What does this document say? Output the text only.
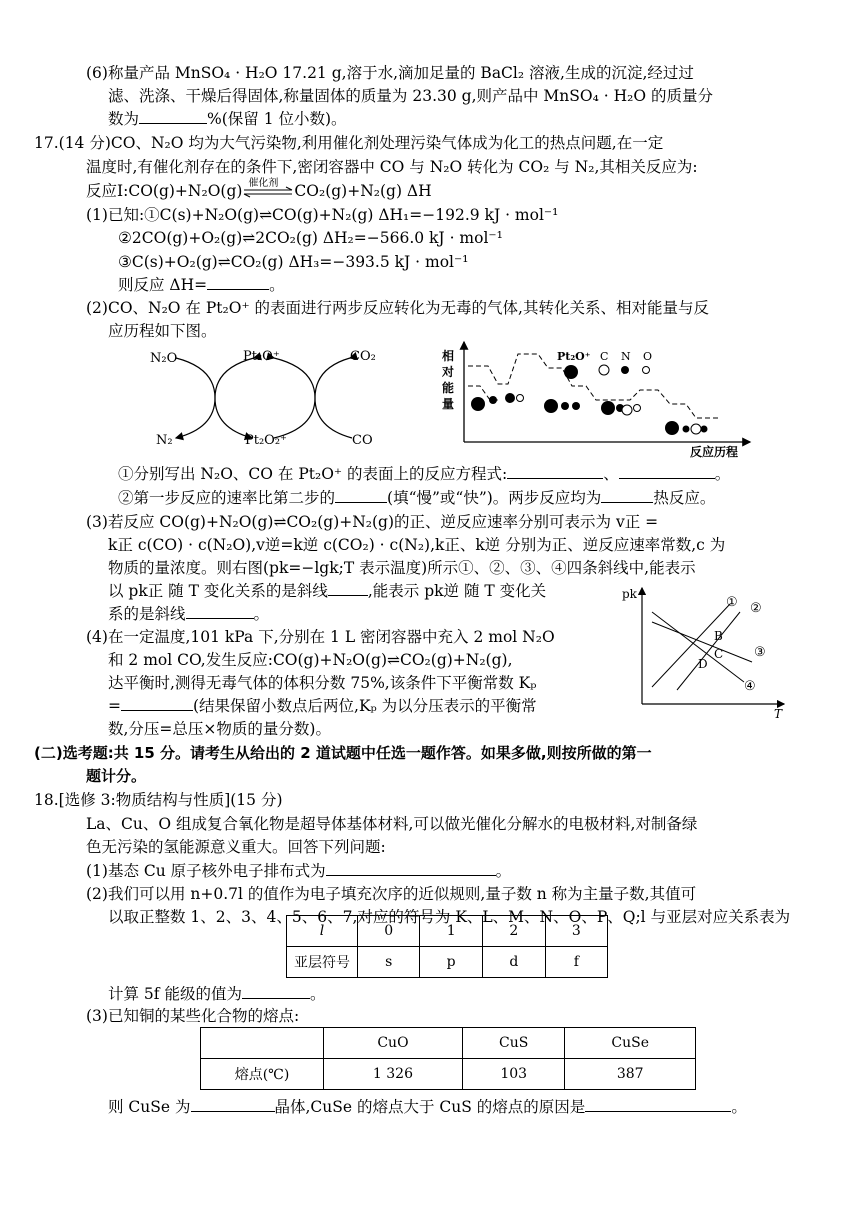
(6)称量产品 MnSO₄ · H₂O 17.21 g,溶于水,滴加足量的 BaCl₂ 溶液,生成的沉淀,经过过
滤、洗涤、干燥后得固体,称量固体的质量为 23.30 g,则产品中 MnSO₄ · H₂O 的质量分
数为	%(保留 1 位小数)。
17.(14 分)CO、N₂O 均为大气污染物,利用催化剂处理污染气体成为化工的热点问题,在一定
温度时,有催化剂存在的条件下,密闭容器中 CO 与 N₂O 转化为 CO₂ 与 N₂,其相关反应为:
反应Ⅰ:CO(g)+N₂O(g) 催化剂 CO₂(g)+N₂(g) ΔH
(1)已知:①C(s)+N₂O(g)⇌CO(g)+N₂(g) ΔH₁=−192.9 kJ · mol⁻¹
②2CO(g)+O₂(g)⇌2CO₂(g) ΔH₂=−566.0 kJ · mol⁻¹
③C(s)+O₂(g)⇌CO₂(g) ΔH₃=−393.5 kJ · mol⁻¹
则反应 ΔH=	。
(2)CO、N₂O 在 Pt₂O⁺ 的表面进行两步反应转化为无毒的气体,其转化关系、相对能量与反
应历程如下图。
N₂O	Pt₂O⁺	CO₂
N₂	Pt₂O₂⁺	CO
相
对
能
量
反应历程
Pt₂O⁺ C N O
①分别写出 N₂O、CO 在 Pt₂O⁺ 的表面上的反应方程式:	、	。
②第一步反应的速率比第二步的	(填“慢”或“快”)。两步反应均为	热反应。
(3)若反应 CO(g)+N₂O(g)⇌CO₂(g)+N₂(g)的正、逆反应速率分别可表示为 v正 =
k正 c(CO) · c(N₂O),v逆=k逆 c(CO₂) · c(N₂),k正、k逆 分别为正、逆反应速率常数,c 为
物质的量浓度。则右图(pk=−lgk;T 表示温度)所示①、②、③、④四条斜线中,能表示
以 pk正 随 T 变化关系的是斜线	,能表示 pk逆 随 T 变化关
系的是斜线	。
pk
T
① ②
③
④
B
C
D
(4)在一定温度,101 kPa 下,分别在 1 L 密闭容器中充入 2 mol N₂O
和 2 mol CO,发生反应:CO(g)+N₂O(g)⇌CO₂(g)+N₂(g),
达平衡时,测得无毒气体的体积分数 75%,该条件下平衡常数 Kₚ
=	(结果保留小数点后两位,Kₚ 为以分压表示的平衡常
数,分压=总压×物质的量分数)。
(二)选考题:共 15 分。请考生从给出的 2 道试题中任选一题作答。如果多做,则按所做的第一
题计分。
18.[选修 3:物质结构与性质](15 分)
La、Cu、O 组成复合氧化物是超导体基体材料,可以做光催化分解水的电极材料,对制备绿
色无污染的氢能源意义重大。回答下列问题:
(1)基态 Cu 原子核外电子排布式为	。
(2)我们可以用 n+0.7l 的值作为电子填充次序的近似规则,量子数 n 称为主量子数,其值可
以取正整数 1、2、3、4、5、6、7,对应的符号为 K、L、M、N、O、P、Q;l 与亚层对应关系表为
l	0	1	2	3
亚层符号	s	p	d	f
计算 5f 能级的值为	。
(3)已知铜的某些化合物的熔点:
	CuO	CuS	CuSe
熔点(℃)	1 326	103	387
则 CuSe 为	晶体,CuSe 的熔点大于 CuS 的熔点的原因是	。
